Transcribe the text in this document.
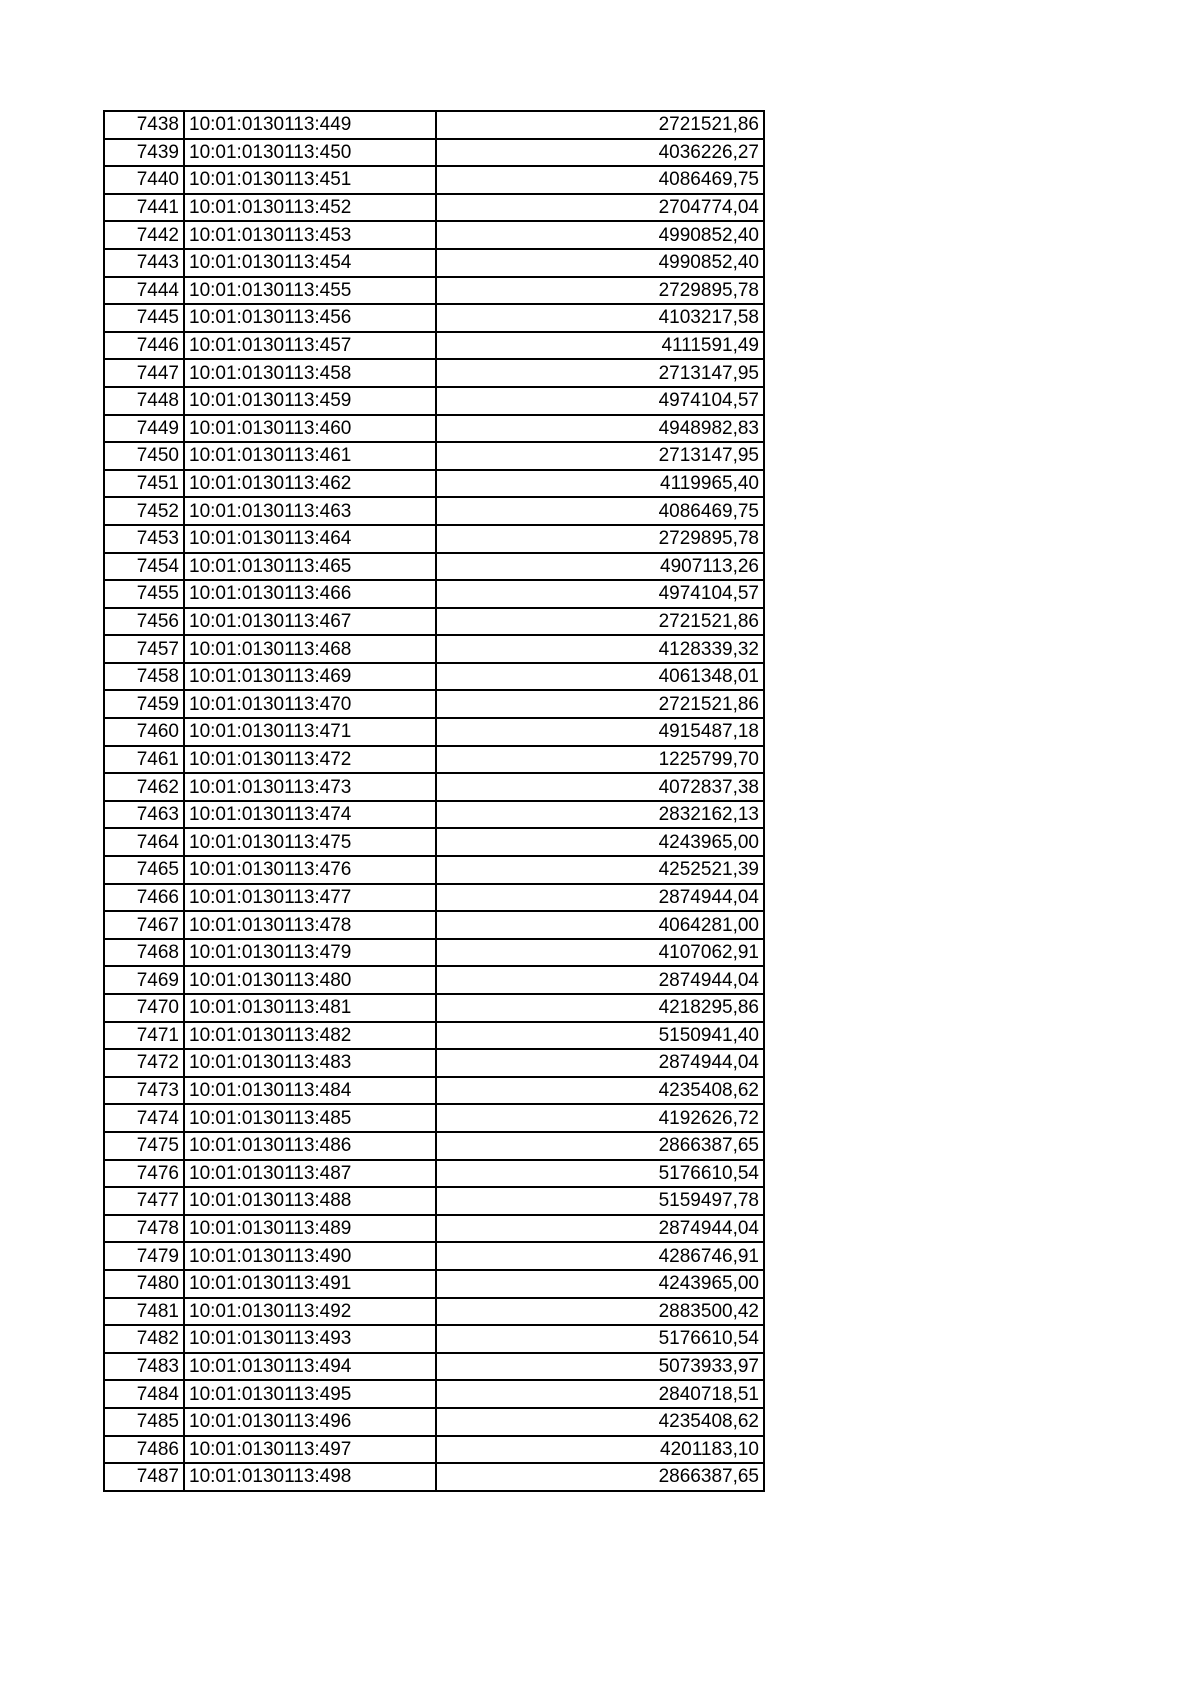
7438	10:01:0130113:449	2721521,86
7439	10:01:0130113:450	4036226,27
7440	10:01:0130113:451	4086469,75
7441	10:01:0130113:452	2704774,04
7442	10:01:0130113:453	4990852,40
7443	10:01:0130113:454	4990852,40
7444	10:01:0130113:455	2729895,78
7445	10:01:0130113:456	4103217,58
7446	10:01:0130113:457	4111591,49
7447	10:01:0130113:458	2713147,95
7448	10:01:0130113:459	4974104,57
7449	10:01:0130113:460	4948982,83
7450	10:01:0130113:461	2713147,95
7451	10:01:0130113:462	4119965,40
7452	10:01:0130113:463	4086469,75
7453	10:01:0130113:464	2729895,78
7454	10:01:0130113:465	4907113,26
7455	10:01:0130113:466	4974104,57
7456	10:01:0130113:467	2721521,86
7457	10:01:0130113:468	4128339,32
7458	10:01:0130113:469	4061348,01
7459	10:01:0130113:470	2721521,86
7460	10:01:0130113:471	4915487,18
7461	10:01:0130113:472	1225799,70
7462	10:01:0130113:473	4072837,38
7463	10:01:0130113:474	2832162,13
7464	10:01:0130113:475	4243965,00
7465	10:01:0130113:476	4252521,39
7466	10:01:0130113:477	2874944,04
7467	10:01:0130113:478	4064281,00
7468	10:01:0130113:479	4107062,91
7469	10:01:0130113:480	2874944,04
7470	10:01:0130113:481	4218295,86
7471	10:01:0130113:482	5150941,40
7472	10:01:0130113:483	2874944,04
7473	10:01:0130113:484	4235408,62
7474	10:01:0130113:485	4192626,72
7475	10:01:0130113:486	2866387,65
7476	10:01:0130113:487	5176610,54
7477	10:01:0130113:488	5159497,78
7478	10:01:0130113:489	2874944,04
7479	10:01:0130113:490	4286746,91
7480	10:01:0130113:491	4243965,00
7481	10:01:0130113:492	2883500,42
7482	10:01:0130113:493	5176610,54
7483	10:01:0130113:494	5073933,97
7484	10:01:0130113:495	2840718,51
7485	10:01:0130113:496	4235408,62
7486	10:01:0130113:497	4201183,10
7487	10:01:0130113:498	2866387,65
